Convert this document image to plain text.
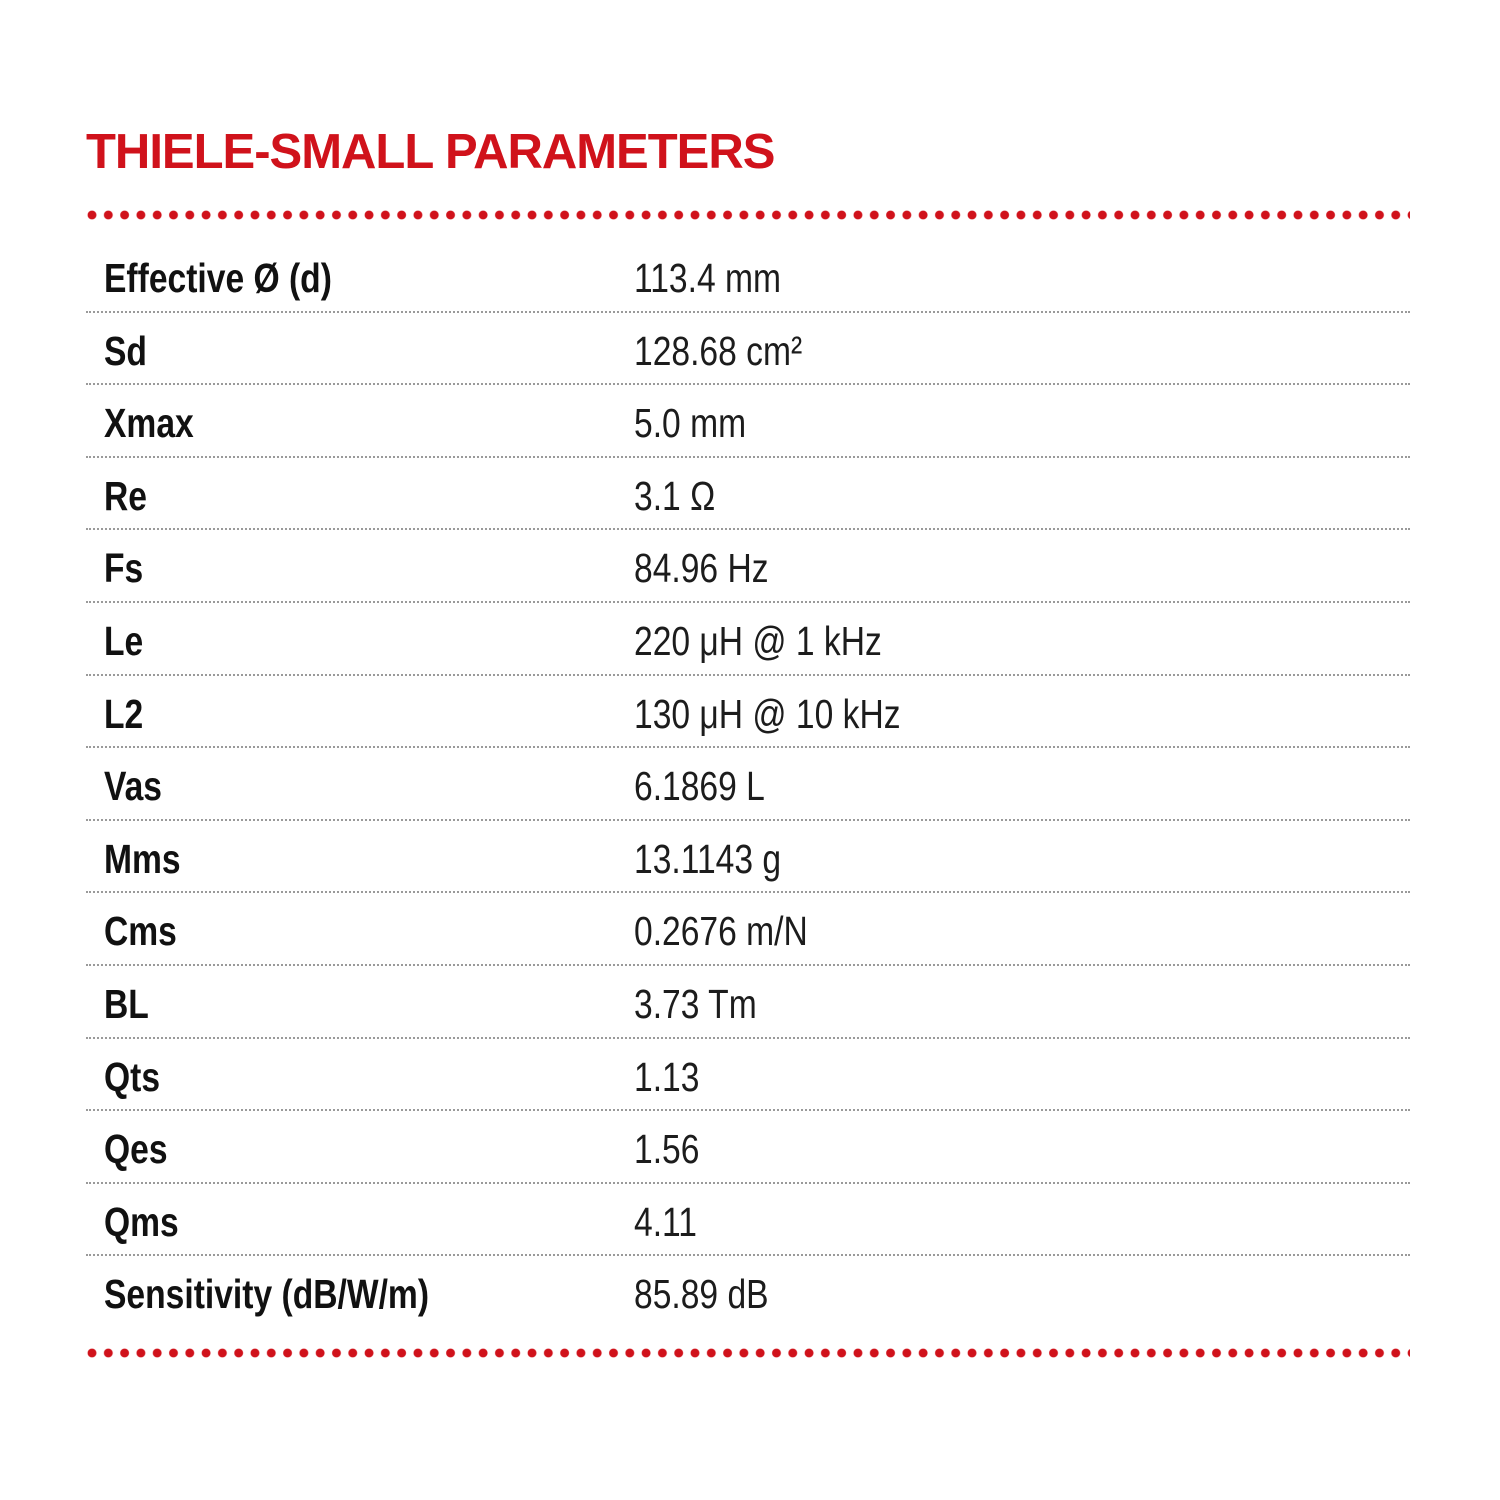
THIELE-SMALL PARAMETERS
Effective Ø (d)	113.4 mm
Sd	128.68 cm²
Xmax	5.0 mm
Re	3.1 Ω
Fs	84.96 Hz
Le	220 μH @ 1 kHz
L2	130 μH @ 10 kHz
Vas	6.1869 L
Mms	13.1143 g
Cms	0.2676 m/N
BL	3.73 Tm
Qts	1.13
Qes	1.56
Qms	4.11
Sensitivity (dB/W/m)	85.89 dB
